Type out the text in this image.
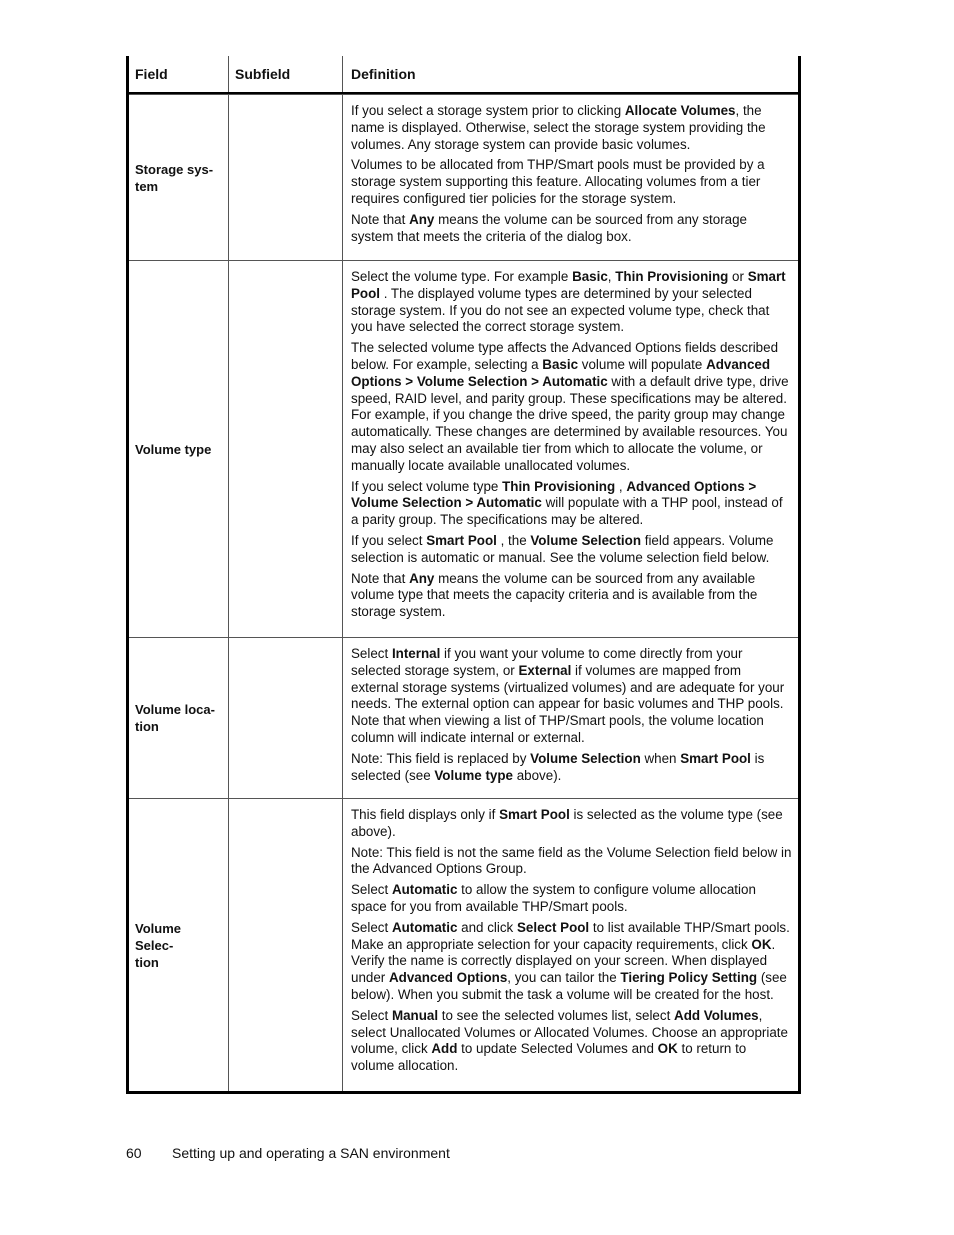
Field	Subfield	Definition
Storage sys-
tem

If you select a storage system prior to clicking Allocate Volumes, the name is displayed. Otherwise, select the storage system providing the volumes. Any storage system can provide basic volumes.

Volumes to be allocated from THP/Smart pools must be provided by a storage system supporting this feature. Allocating volumes from a tier requires configured tier policies for the storage system.

Note that Any means the volume can be sourced from any storage system that meets the criteria of the dialog box.

Volume type

Select the volume type. For example Basic, Thin Provisioning or Smart Pool . The displayed volume types are determined by your selected storage system. If you do not see an expected volume type, check that you have selected the correct storage system.

The selected volume type affects the Advanced Options fields described below. For example, selecting a Basic volume will populate Advanced Options > Volume Selection > Automatic with a default drive type, drive speed, RAID level, and parity group. These specifications may be altered. For example, if you change the drive speed, the parity group may change automatically. These changes are determined by available resources. You may also select an available tier from which to allocate the volume, or manually locate available unallocated volumes.

If you select volume type Thin Provisioning , Advanced Options > Volume Selection > Automatic will populate with a THP pool, instead of a parity group. The specifications may be altered.

If you select Smart Pool , the Volume Selection field appears. Volume selection is automatic or manual. See the volume selection field below.

Note that Any means the volume can be sourced from any available volume type that meets the capacity criteria and is available from the storage system.

Volume loca-
tion

Select Internal if you want your volume to come directly from your selected storage system, or External if volumes are mapped from external storage systems (virtualized volumes) and are adequate for your needs. The external option can appear for basic volumes and THP pools. Note that when viewing a list of THP/Smart pools, the volume location column will indicate internal or external.

Note: This field is replaced by Volume Selection when Smart Pool is selected (see Volume type above).

Volume Selec-
tion

This field displays only if Smart Pool is selected as the volume type (see above).

Note: This field is not the same field as the Volume Selection field below in the Advanced Options Group.

Select Automatic to allow the system to configure volume allocation space for you from available THP/Smart pools.

Select Automatic and click Select Pool to list available THP/Smart pools. Make an appropriate selection for your capacity requirements, click OK. Verify the name is correctly displayed on your screen. When displayed under Advanced Options, you can tailor the Tiering Policy Setting (see below). When you submit the task a volume will be created for the host.

Select Manual to see the selected volumes list, select Add Volumes, select Unallocated Volumes or Allocated Volumes. Choose an appropriate volume, click Add to update Selected Volumes and OK to return to volume allocation.

60 Setting up and operating a SAN environment
